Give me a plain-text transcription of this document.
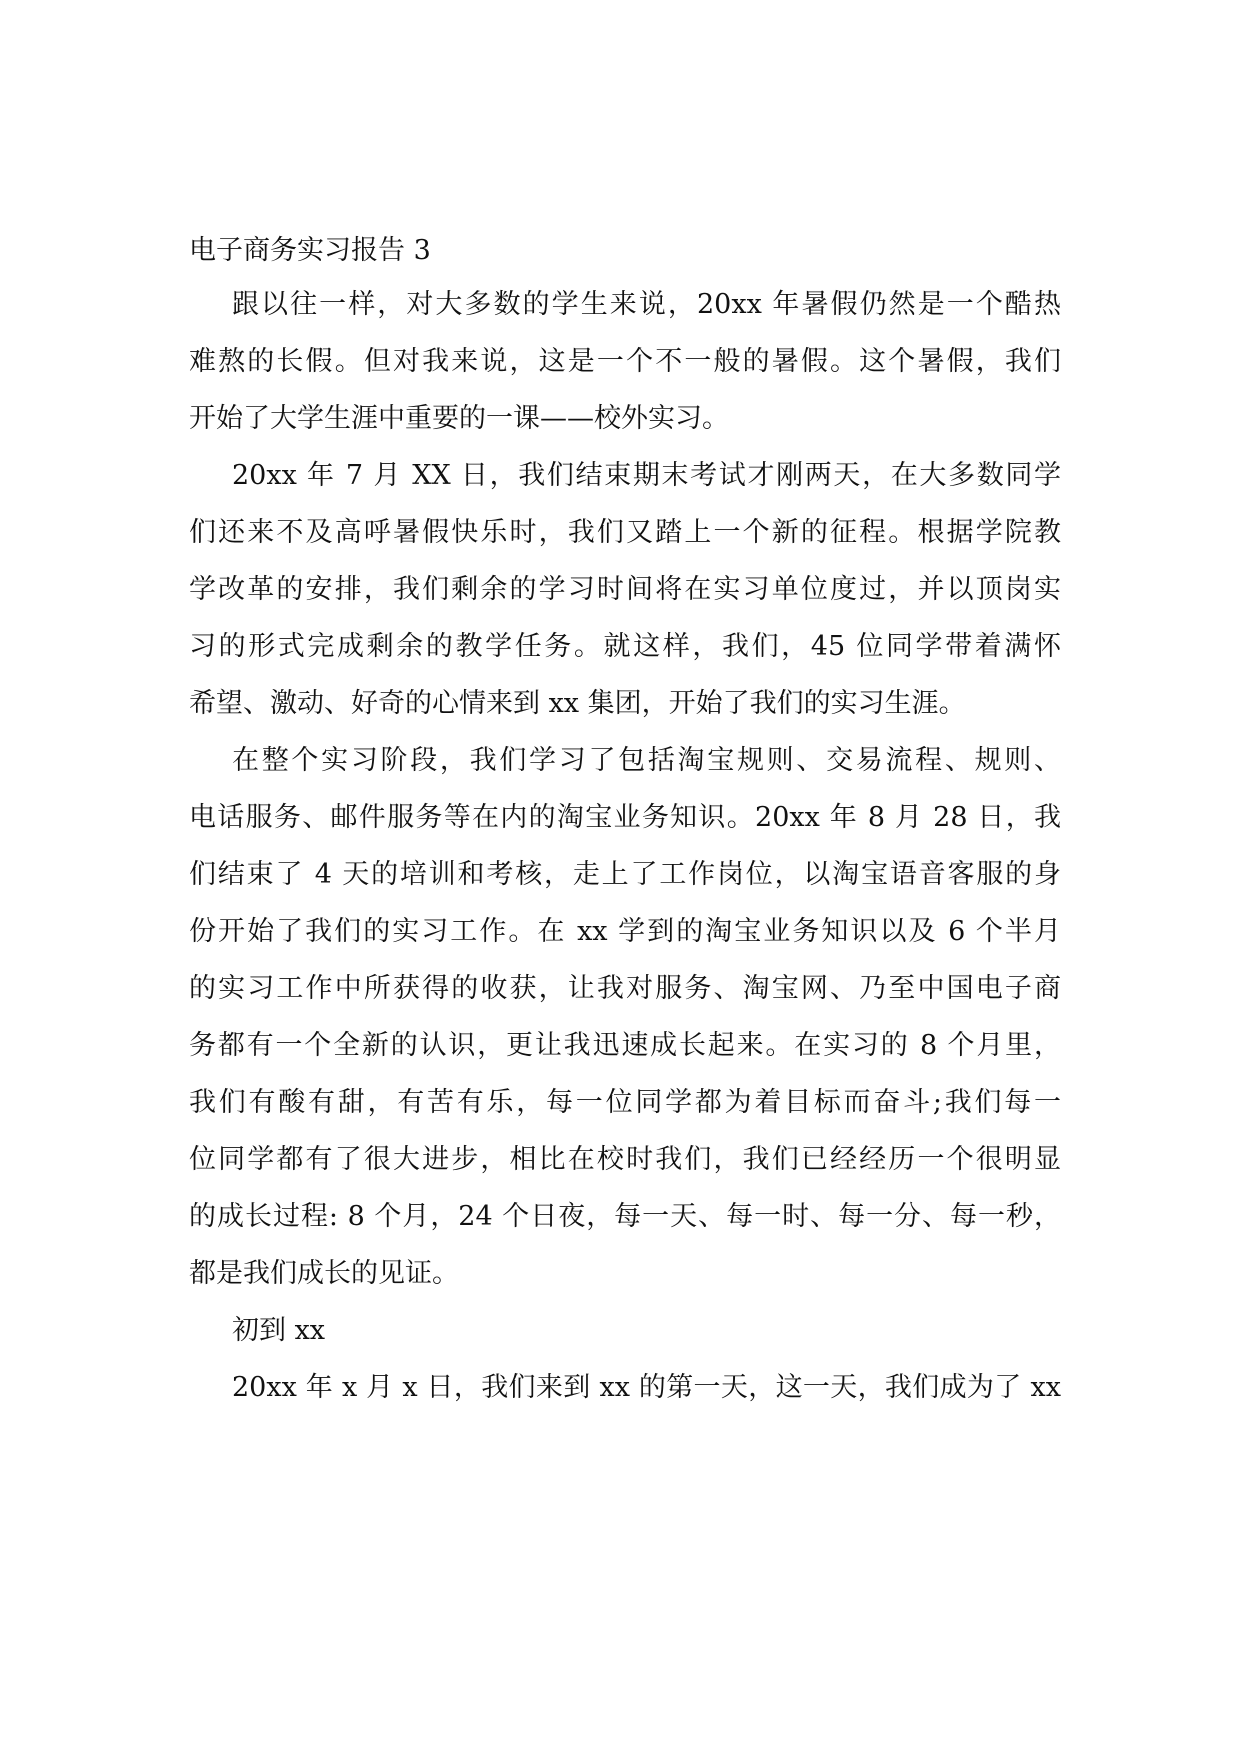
电子商务实习报告 3
跟以往一样，对大多数的学生来说，20xx 年暑假仍然是一个酷热
难熬的长假。但对我来说，这是一个不一般的暑假。这个暑假，我们
开始了大学生涯中重要的一课——校外实习。
20xx 年 7 月 XX 日，我们结束期末考试才刚两天，在大多数同学
们还来不及高呼暑假快乐时，我们又踏上一个新的征程。根据学院教
学改革的安排，我们剩余的学习时间将在实习单位度过，并以顶岗实
习的形式完成剩余的教学任务。就这样，我们，45 位同学带着满怀
希望、激动、好奇的心情来到 xx 集团，开始了我们的实习生涯。
在整个实习阶段，我们学习了包括淘宝规则、交易流程、规则、
电话服务、邮件服务等在内的淘宝业务知识。20xx 年 8 月 28 日，我
们结束了 4 天的培训和考核，走上了工作岗位，以淘宝语音客服的身
份开始了我们的实习工作。在 xx 学到的淘宝业务知识以及 6 个半月
的实习工作中所获得的收获，让我对服务、淘宝网、乃至中国电子商
务都有一个全新的认识，更让我迅速成长起来。在实习的 8 个月里，
我们有酸有甜，有苦有乐，每一位同学都为着目标而奋斗;我们每一
位同学都有了很大进步，相比在校时我们，我们已经经历一个很明显
的成长过程: 8 个月，24 个日夜，每一天、每一时、每一分、每一秒，
都是我们成长的见证。
初到 xx
20xx 年 x 月 x 日，我们来到 xx 的第一天，这一天，我们成为了 xx
